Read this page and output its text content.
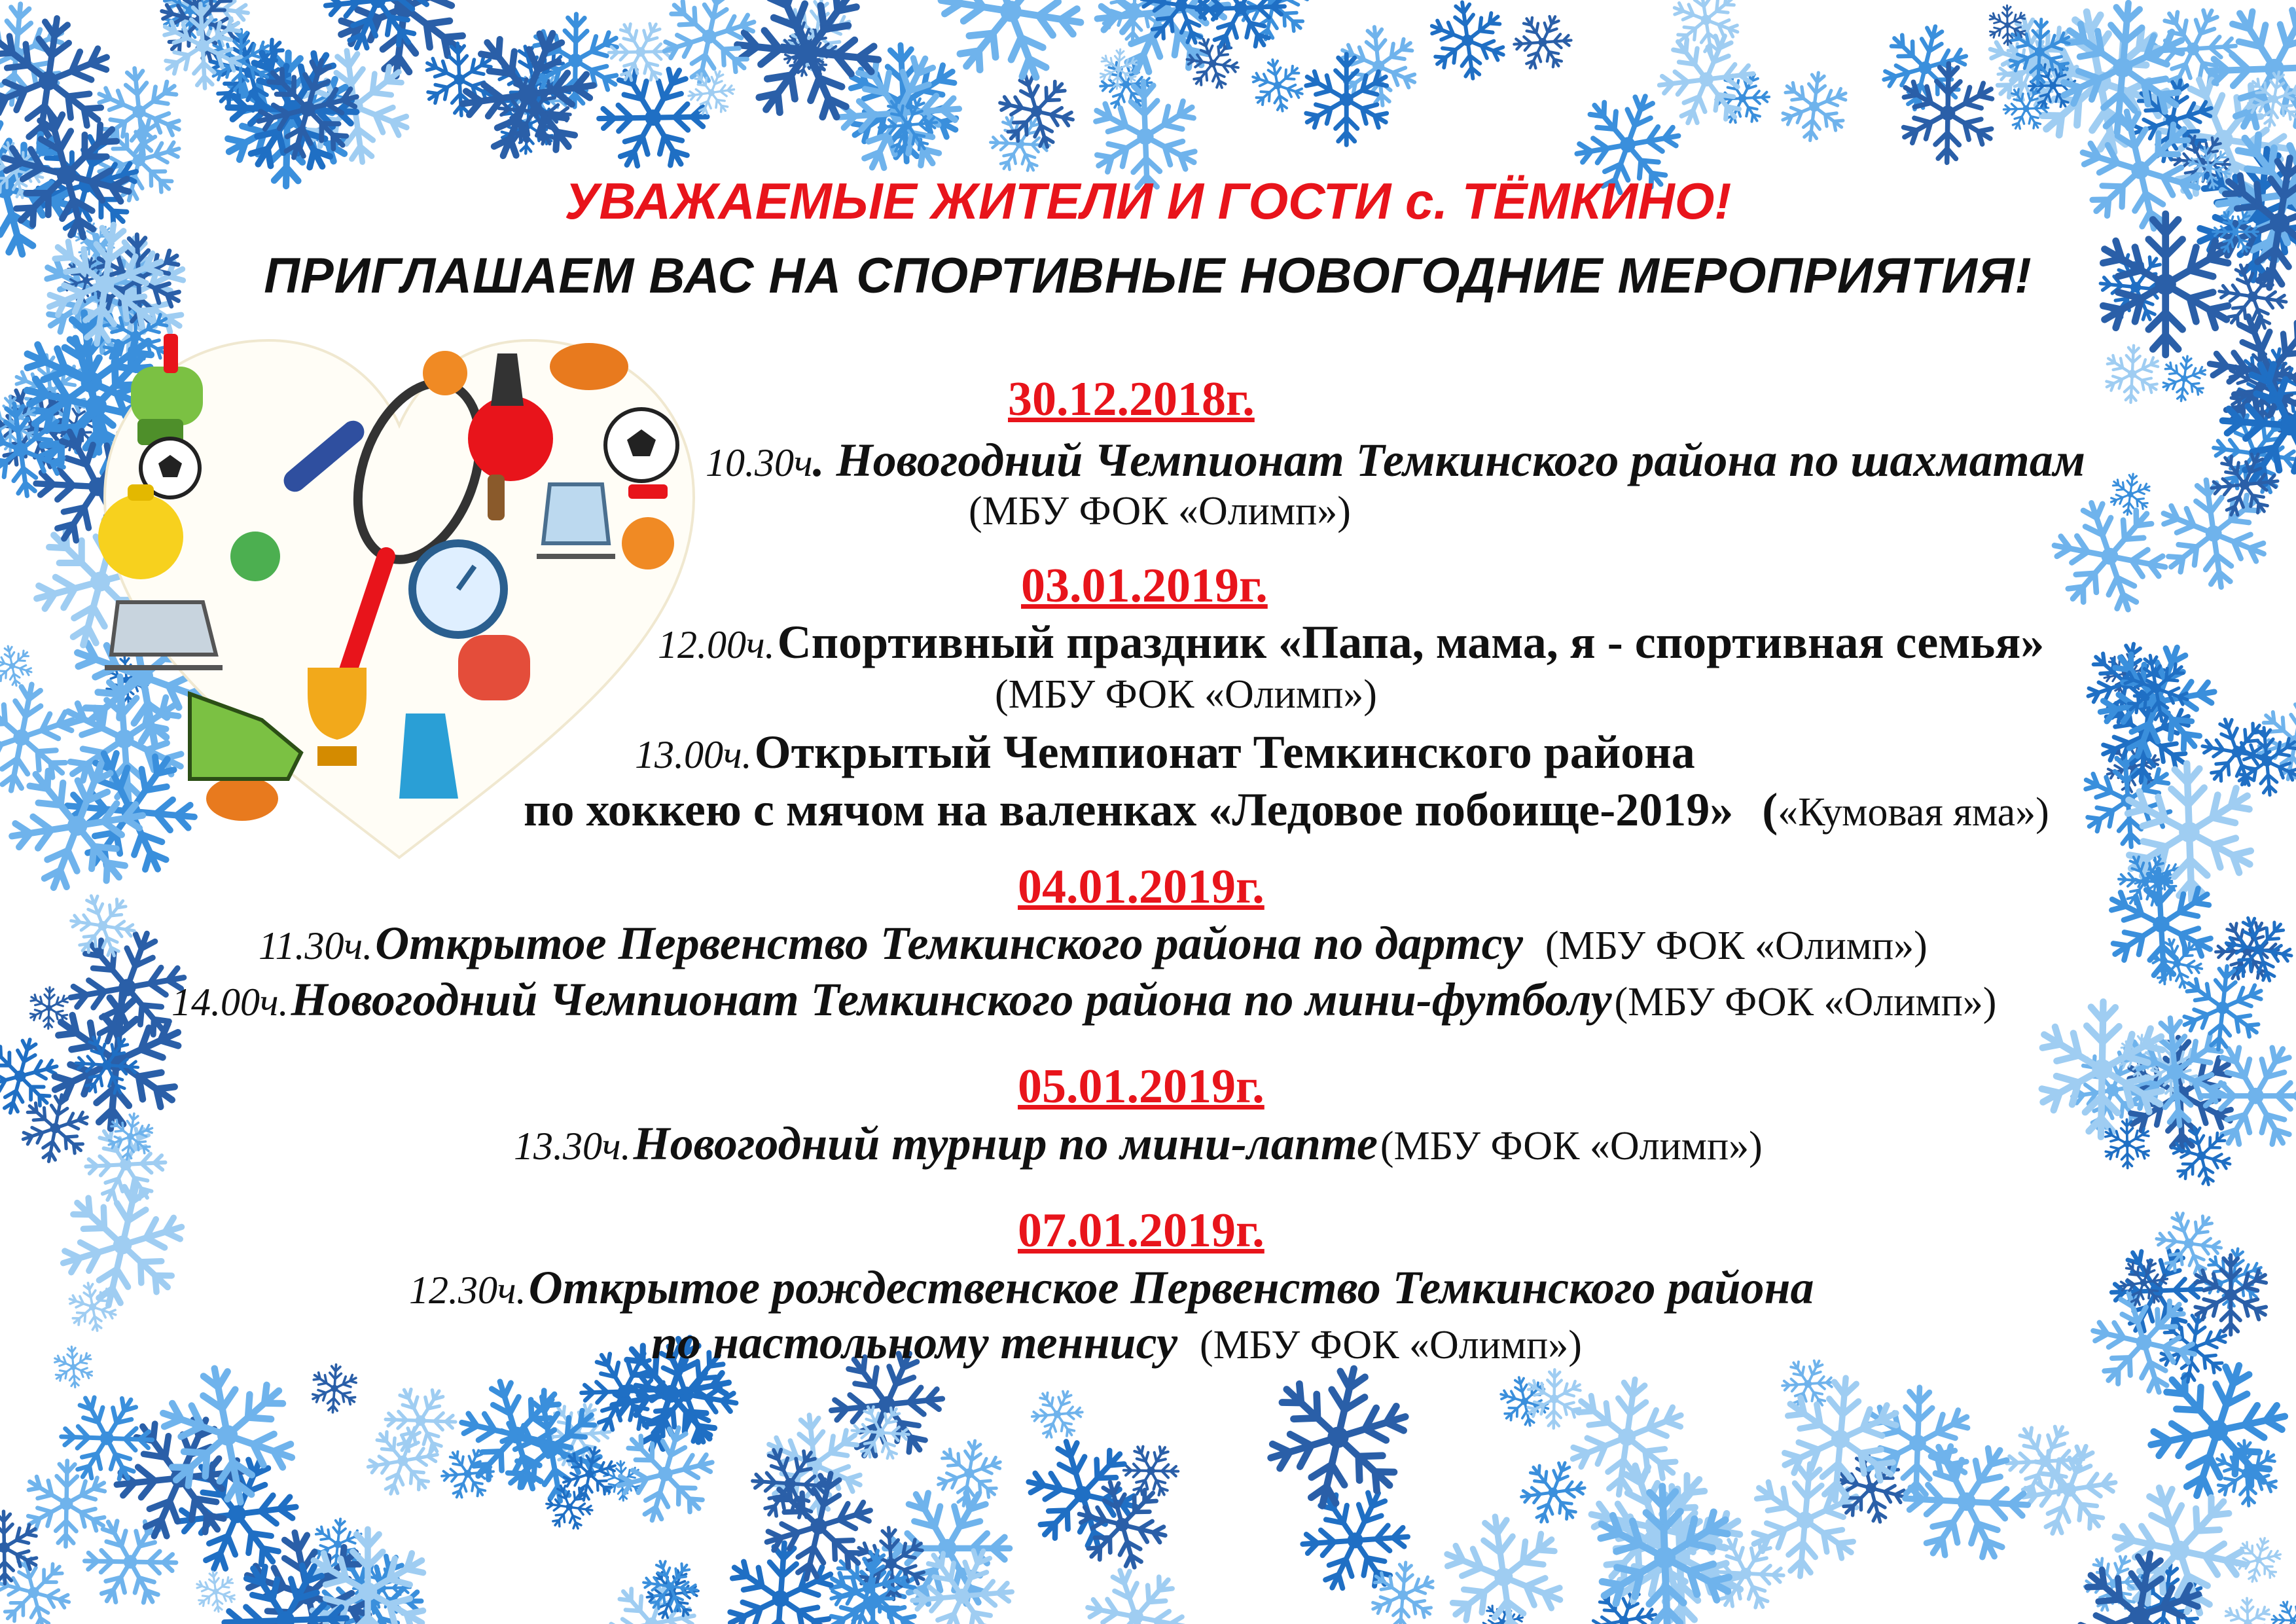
УВАЖАЕМЫЕ ЖИТЕЛИ И ГОСТИ с. ТЁМКИНО!
ПРИГЛАШАЕМ ВАС НА СПОРТИВНЫЕ НОВОГОДНИЕ МЕРОПРИЯТИЯ!
30.12.2018г.
10.30ч. Новогодний Чемпионат Темкинского района по шахматам
(МБУ ФОК «Олимп»)
03.01.2019г.
12.00ч. Спортивный праздник «Папа, мама, я - спортивная семья»
(МБУ ФОК «Олимп»)
13.00ч. Открытый Чемпионат Темкинского района
по хоккею с мячом на валенках «Ледовое побоище-2019» («Кумовая яма»)
04.01.2019г.
11.30ч. Открытое Первенство Темкинского района по дартсу (МБУ ФОК «Олимп»)
14.00ч. Новогодний Чемпионат Темкинского района по мини-футболу (МБУ ФОК «Олимп»)
05.01.2019г.
13.30ч. Новогодний турнир по мини-лапте (МБУ ФОК «Олимп»)
07.01.2019г.
12.30ч. Открытое рождественское Первенство Темкинского района
по настольному теннису (МБУ ФОК «Олимп»)
